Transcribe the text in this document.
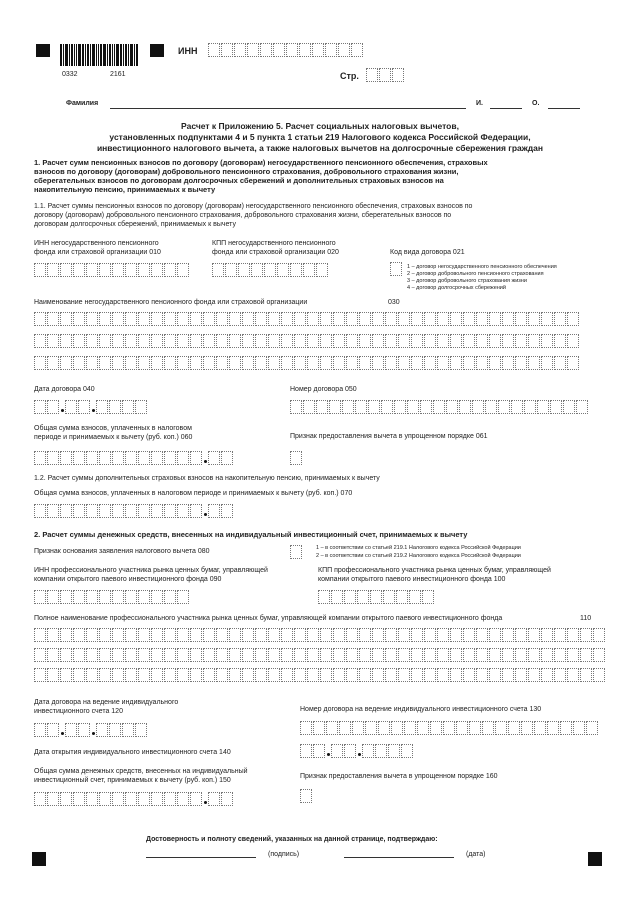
0332	2161
ИНН
Стр.
Фамилия	И.	О.
Расчет к Приложению 5. Расчет социальных налоговых вычетов,
установленных подпунктами 4 и 5 пункта 1 статьи 219 Налогового кодекса Российской Федерации,
инвестиционного налогового вычета, а также налоговых вычетов на долгосрочные сбережения граждан
1. Расчет сумм пенсионных взносов по договору (договорам) негосударственного пенсионного обеспечения, страховых
взносов по договору (договорам) добровольного пенсионного страхования, добровольного страхования жизни,
сберегательных взносов по договорам долгосрочных сбережений и дополнительных страховых взносов на
накопительную пенсию, принимаемых к вычету
1.1. Расчет суммы пенсионных взносов по договору (договорам) негосударственного пенсионного обеспечения, страховых взносов по
договору (договорам) добровольного пенсионного страхования, добровольного страхования жизни, сберегательных взносов по
договорам долгосрочных сбережений, принимаемых к вычету
ИНН негосударственного пенсионного
фонда или страховой организации 010
КПП негосударственного пенсионного
фонда или страховой организации 020	Код вида договора 021
1 – договор негосударственного пенсионного обеспечения
2 – договор добровольного пенсионного страхования
3 – договор добровольного страхования жизни
4 – договор долгосрочных сбережений
Наименование негосударственного пенсионного фонда или страховой организации	030
Дата договора 040	Номер договора 050
Общая сумма взносов, уплаченных в налоговом
периоде и принимаемых к вычету (руб. коп.) 060	Признак предоставления вычета в упрощенном порядке 061
1.2. Расчет суммы дополнительных страховых взносов на накопительную пенсию, принимаемых к вычету
Общая сумма взносов, уплаченных в налоговом периоде и принимаемых к вычету (руб. коп.) 070
2. Расчет суммы денежных средств, внесенных на индивидуальный инвестиционный счет, принимаемых к вычету
Признак основания заявления налогового вычета 080	1 – в соответствии со статьей 219.1 Налогового кодекса Российской Федерации
2 – в соответствии со статьей 219.2 Налогового кодекса Российской Федерации
ИНН профессионального участника рынка ценных бумаг, управляющей
компании открытого паевого инвестиционного фонда 090
КПП профессионального участника рынка ценных бумаг, управляющей
компании открытого паевого инвестиционного фонда 100
Полное наименование профессионального участника рынка ценных бумаг, управляющей компании открытого паевого инвестиционного фонда	110
Дата договора на ведение индивидуального
инвестиционного счета 120	Номер договора на ведение индивидуального инвестиционного счета 130
Дата открытия индивидуального инвестиционного счета 140
Общая сумма денежных средств, внесенных на индивидуальный
инвестиционный счет, принимаемых к вычету (руб. коп.) 150
Признак предоставления вычета в упрощенном порядке 160
Достоверность и полноту сведений, указанных на данной странице, подтверждаю:
(подпись)	(дата)
